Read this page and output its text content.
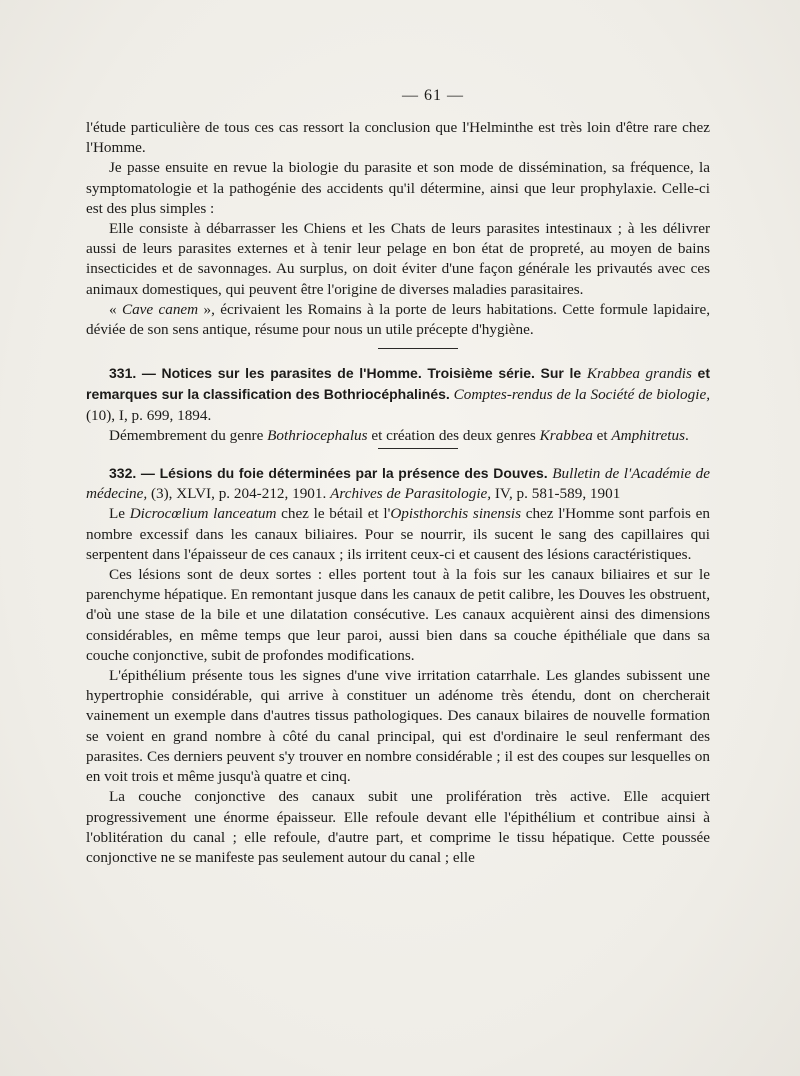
— 61 —

l'étude particulière de tous ces cas ressort la conclusion que l'Helminthe est très loin d'être rare chez l'Homme.

Je passe ensuite en revue la biologie du parasite et son mode de dissémination, sa fréquence, la symptomatologie et la pathogénie des accidents qu'il détermine, ainsi que leur prophylaxie. Celle-ci est des plus simples :

Elle consiste à débarrasser les Chiens et les Chats de leurs parasites intestinaux ; à les délivrer aussi de leurs parasites externes et à tenir leur pelage en bon état de propreté, au moyen de bains insecticides et de savonnages. Au surplus, on doit éviter d'une façon générale les privautés avec ces animaux domestiques, qui peuvent être l'origine de diverses maladies parasitaires.

« Cave canem », écrivaient les Romains à la porte de leurs habitations. Cette formule lapidaire, déviée de son sens antique, résume pour nous un utile précepte d'hygiène.

331. — Notices sur les parasites de l'Homme. Troisième série. Sur le Krabbea grandis et remarques sur la classification des Bothriocéphalinés. Comptes-rendus de la Société de biologie, (10), I, p. 699, 1894.

Démembrement du genre Bothriocephalus et création des deux genres Krabbea et Amphitretus.

332. — Lésions du foie déterminées par la présence des Douves. Bulletin de l'Académie de médecine, (3), XLVI, p. 204-212, 1901. Archives de Parasitologie, IV, p. 581-589, 1901

Le Dicrocœlium lanceatum chez le bétail et l'Opisthorchis sinensis chez l'Homme sont parfois en nombre excessif dans les canaux biliaires. Pour se nourrir, ils sucent le sang des capillaires qui serpentent dans l'épaisseur de ces canaux ; ils irritent ceux-ci et causent des lésions caractéristiques.

Ces lésions sont de deux sortes : elles portent tout à la fois sur les canaux biliaires et sur le parenchyme hépatique. En remontant jusque dans les canaux de petit calibre, les Douves les obstruent, d'où une stase de la bile et une dilatation consécutive. Les canaux acquièrent ainsi des dimensions considérables, en même temps que leur paroi, aussi bien dans sa couche épithéliale que dans sa couche conjonctive, subit de profondes modifications.

L'épithélium présente tous les signes d'une vive irritation catarrhale. Les glandes subissent une hypertrophie considérable, qui arrive à constituer un adénome très étendu, dont on chercherait vainement un exemple dans d'autres tissus pathologiques. Des canaux bilaires de nouvelle formation se voient en grand nombre à côté du canal principal, qui est d'ordinaire le seul renfermant des parasites. Ces derniers peuvent s'y trouver en nombre considérable ; il est des coupes sur lesquelles on en voit trois et même jusqu'à quatre et cinq.

La couche conjonctive des canaux subit une prolifération très active. Elle acquiert progressivement une énorme épaisseur. Elle refoule devant elle l'épithélium et contribue ainsi à l'oblitération du canal ; elle refoule, d'autre part, et comprime le tissu hépatique. Cette poussée conjonctive ne se manifeste pas seulement autour du canal ; elle
